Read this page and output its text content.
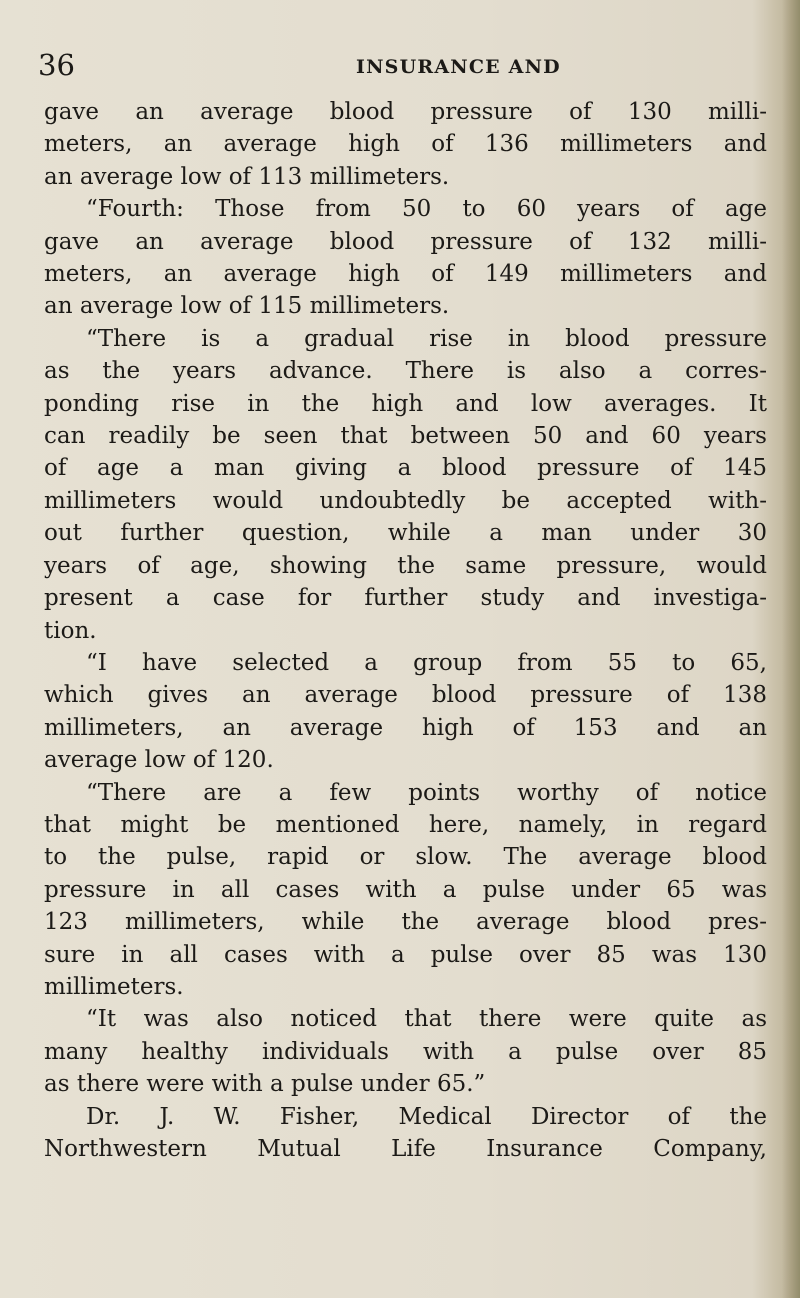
36	INSURANCE AND
gave an average blood pressure of 130 milli-
meters, an average high of 136 millimeters and
an average low of 113 millimeters.
“Fourth: Those from 50 to 60 years of age
gave an average blood pressure of 132 milli-
meters, an average high of 149 millimeters and
an average low of 115 millimeters.
“There is a gradual rise in blood pressure
as the years advance. There is also a corres-
ponding rise in the high and low averages. It
can readily be seen that between 50 and 60 years
of age a man giving a blood pressure of 145
millimeters would undoubtedly be accepted with-
out further question, while a man under 30
years of age, showing the same pressure, would
present a case for further study and investiga-
tion.
“I have selected a group from 55 to 65,
which gives an average blood pressure of 138
millimeters, an average high of 153 and an
average low of 120.
“There are a few points worthy of notice
that might be mentioned here, namely, in regard
to the pulse, rapid or slow. The average blood
pressure in all cases with a pulse under 65 was
123 millimeters, while the average blood pres-
sure in all cases with a pulse over 85 was 130
millimeters.
“It was also noticed that there were quite as
many healthy individuals with a pulse over 85
as there were with a pulse under 65.”
Dr. J. W. Fisher, Medical Director of the
Northwestern Mutual Life Insurance Company,
